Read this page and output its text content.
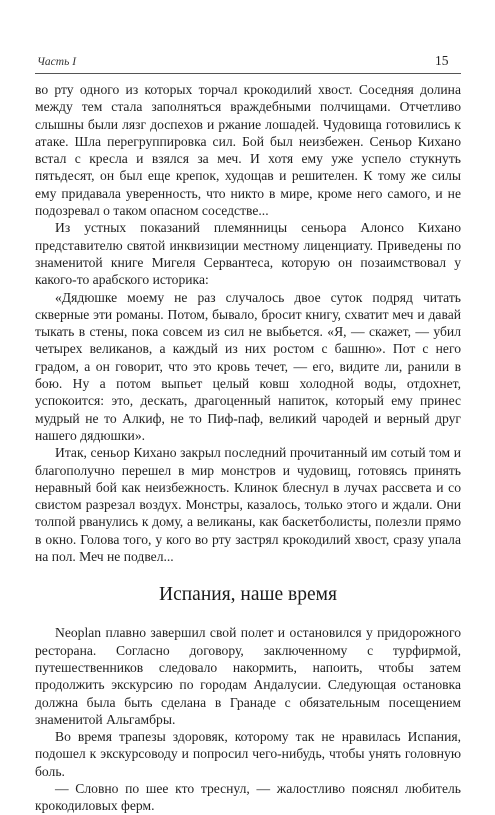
Часть I	15

во рту одного из которых торчал крокодилий хвост. Соседняя долина между тем стала заполняться враждебными полчищами. Отчетливо слышны были лязг доспехов и ржание лошадей. Чудовища готовились к атаке. Шла перегруппировка сил. Бой был неизбежен. Сеньор Кихано встал с кресла и взялся за меч. И хотя ему уже успело стукнуть пятьдесят, он был еще крепок, худощав и решителен. К тому же силы ему придавала уверенность, что никто в мире, кроме него самого, и не подозревал о таком опасном соседстве...

Из устных показаний племянницы сеньора Алонсо Кихано представителю святой инквизиции местному лиценциату. Приведены по знаменитой книге Мигеля Сервантеса, которую он позаимствовал у какого-то арабского историка:

«Дядюшке моему не раз случалось двое суток подряд читать скверные эти романы. Потом, бывало, бросит книгу, схватит меч и давай тыкать в стены, пока совсем из сил не выбьется. «Я, — скажет, — убил четырех великанов, а каждый из них ростом с башню». Пот с него градом, а он говорит, что это кровь течет, — его, видите ли, ранили в бою. Ну а потом выпьет целый ковш холодной воды, отдохнет, успокоится: это, дескать, драгоценный напиток, который ему принес мудрый не то Алкиф, не то Пиф-паф, великий чародей и верный друг нашего дядюшки».

Итак, сеньор Кихано закрыл последний прочитанный им сотый том и благополучно перешел в мир монстров и чудовищ, готовясь принять неравный бой как неизбежность. Клинок блеснул в лучах рассвета и со свистом разрезал воздух. Монстры, казалось, только этого и ждали. Они толпой рванулись к дому, а великаны, как баскетболисты, полезли прямо в окно. Голова того, у кого во рту застрял крокодилий хвост, сразу упала на пол. Меч не подвел...

Испания, наше время

Neoplan плавно завершил свой полет и остановился у придорожного ресторана. Согласно договору, заключенному с турфирмой, путешественников следовало накормить, напоить, чтобы затем продолжить экскурсию по городам Андалусии. Следующая остановка должна была быть сделана в Гранаде с обязательным посещением знаменитой Альгамбры.

Во время трапезы здоровяк, которому так не нравилась Испания, подошел к экскурсоводу и попросил чего-нибудь, чтобы унять головную боль.

— Словно по шее кто треснул, — жалостливо пояснял любитель крокодиловых ферм.
